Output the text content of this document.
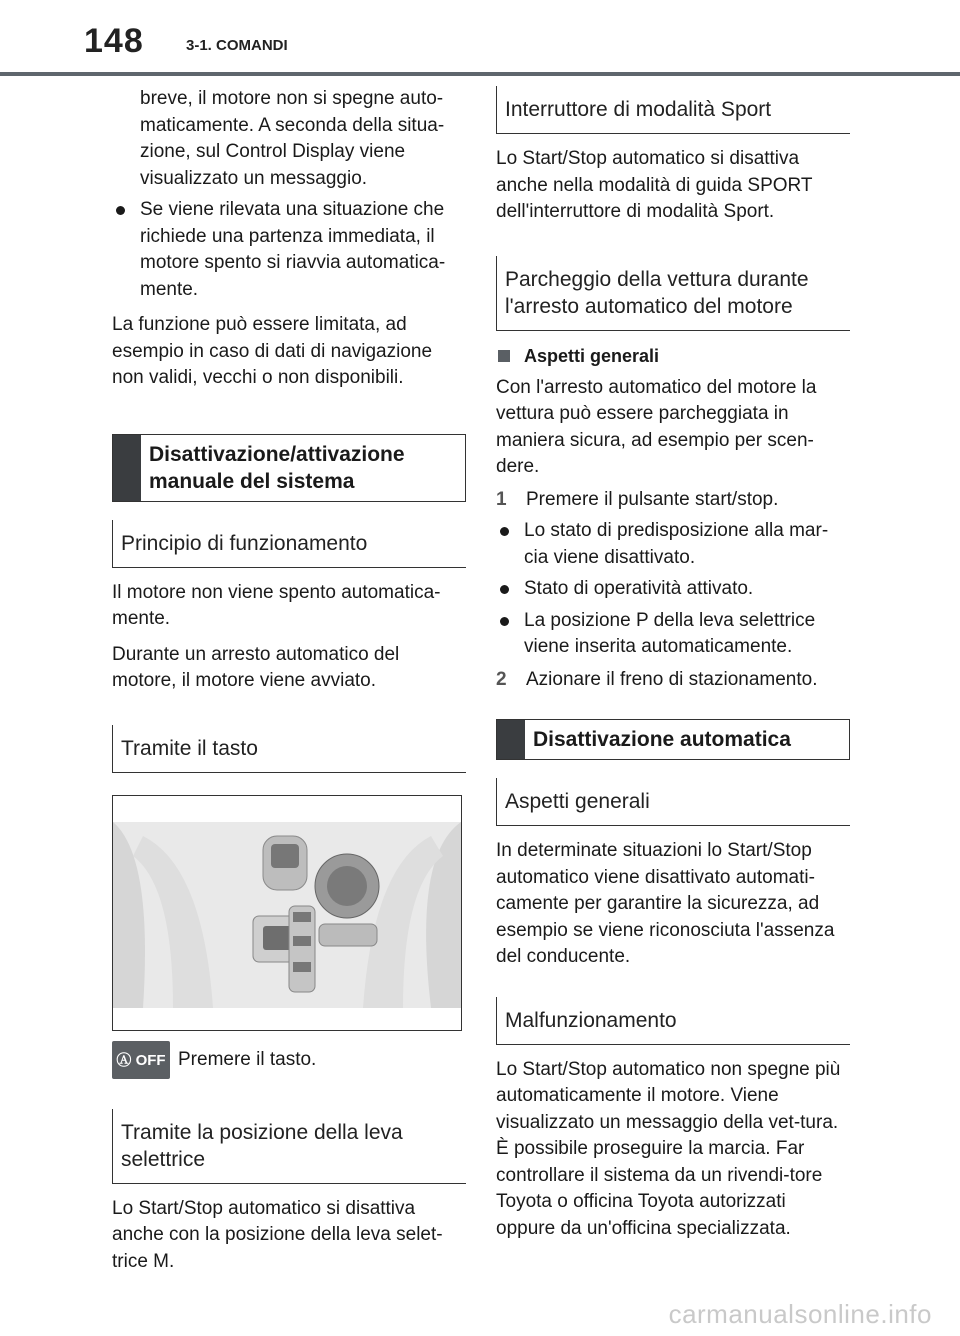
148	3-1. COMANDI

breve, il motore non si spegne auto-maticamente. A seconda della situa-zione, sul Control Display viene visualizzato un messaggio.

Se viene rilevata una situazione che richiede una partenza immediata, il motore spento si riavvia automatica-mente.

La funzione può essere limitata, ad esempio in caso di dati di navigazione non validi, vecchi o non disponibili.

Disattivazione/attivazione manuale del sistema
Principio di funzionamento

Il motore non viene spento automatica-mente.

Durante un arresto automatico del motore, il motore viene avviato.

Tramite il tasto
Ⓐ OFF Premere il tasto.
Tramite la posizione della leva selettrice

Lo Start/Stop automatico si disattiva anche con la posizione della leva selet-trice M.

Interruttore di modalità Sport

Lo Start/Stop automatico si disattiva anche nella modalità di guida SPORT dell'interruttore di modalità Sport.

Parcheggio della vettura durante l'arresto automatico del motore
Aspetti generali

Con l'arresto automatico del motore la vettura può essere parcheggiata in maniera sicura, ad esempio per scen-dere.

1 Premere il pulsante start/stop.
Lo stato di predisposizione alla mar-cia viene disattivato.
Stato di operatività attivato.
La posizione P della leva selettrice viene inserita automaticamente.
2 Azionare il freno di stazionamento.
Disattivazione automatica
Aspetti generali

In determinate situazioni lo Start/Stop automatico viene disattivato automati-camente per garantire la sicurezza, ad esempio se viene riconosciuta l'assenza del conducente.

Malfunzionamento

Lo Start/Stop automatico non spegne più automaticamente il motore. Viene visualizzato un messaggio della vet-tura. È possibile proseguire la marcia. Far controllare il sistema da un rivendi-tore Toyota o officina Toyota autorizzati oppure da un'officina specializzata.

carmanualsonline.info
